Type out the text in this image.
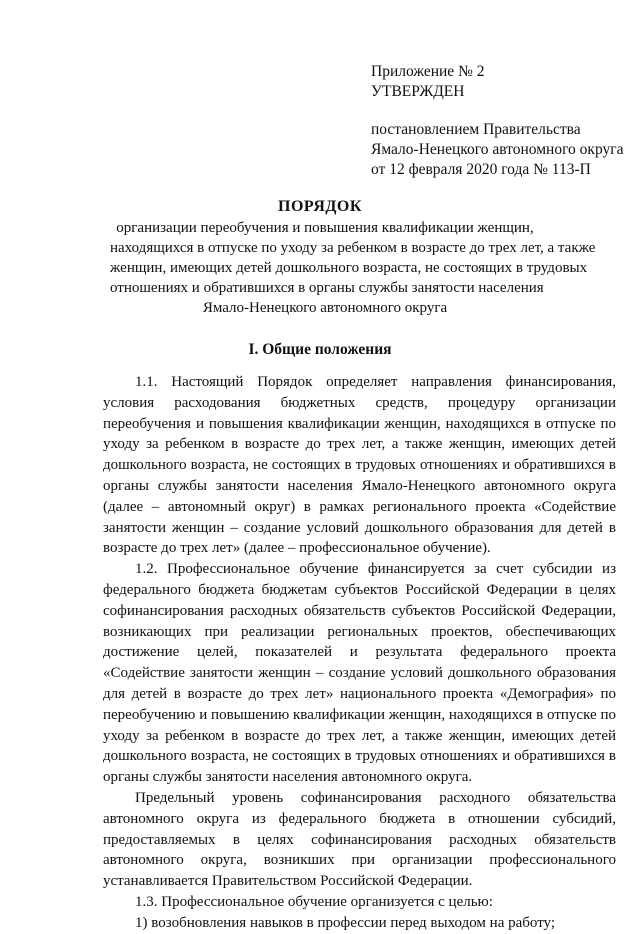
Приложение № 2
УТВЕРЖДЕН
постановлением Правительства
Ямало-Ненецкого автономного округа
от 12 февраля 2020 года № 113-П
ПОРЯДОК
организации переобучения и повышения квалификации женщин,
находящихся в отпуске по уходу за ребенком в возрасте до трех лет, а также
женщин, имеющих детей дошкольного возраста, не состоящих в трудовых
отношениях и обратившихся в органы службы занятости населения
Ямало-Ненецкого автономного округа
I. Общие положения
1.1. Настоящий Порядок определяет направления финансирования,
условия расходования бюджетных средств, процедуру организации
переобучения и повышения квалификации женщин, находящихся в отпуске по
уходу за ребенком в возрасте до трех лет, а также женщин, имеющих детей
дошкольного возраста, не состоящих в трудовых отношениях и обратившихся в
органы службы занятости населения Ямало-Ненецкого автономного округа
(далее – автономный округ) в рамках регионального проекта «Содействие
занятости женщин – создание условий дошкольного образования для детей в
возрасте до трех лет» (далее – профессиональное обучение).
1.2. Профессиональное обучение финансируется за счет субсидии из
федерального бюджета бюджетам субъектов Российской Федерации в целях
софинансирования расходных обязательств субъектов Российской Федерации,
возникающих при реализации региональных проектов, обеспечивающих
достижение целей, показателей и результата федерального проекта
«Содействие занятости женщин – создание условий дошкольного образования
для детей в возрасте до трех лет» национального проекта «Демография» по
переобучению и повышению квалификации женщин, находящихся в отпуске по
уходу за ребенком в возрасте до трех лет, а также женщин, имеющих детей
дошкольного возраста, не состоящих в трудовых отношениях и обратившихся в
органы службы занятости населения автономного округа.
Предельный уровень софинансирования расходного обязательства
автономного округа из федерального бюджета в отношении субсидий,
предоставляемых в целях софинансирования расходных обязательств
автономного округа, возникших при организации профессионального
устанавливается Правительством Российской Федерации.
1.3. Профессиональное обучение организуется с целью:
1) возобновления навыков в профессии перед выходом на работу;
